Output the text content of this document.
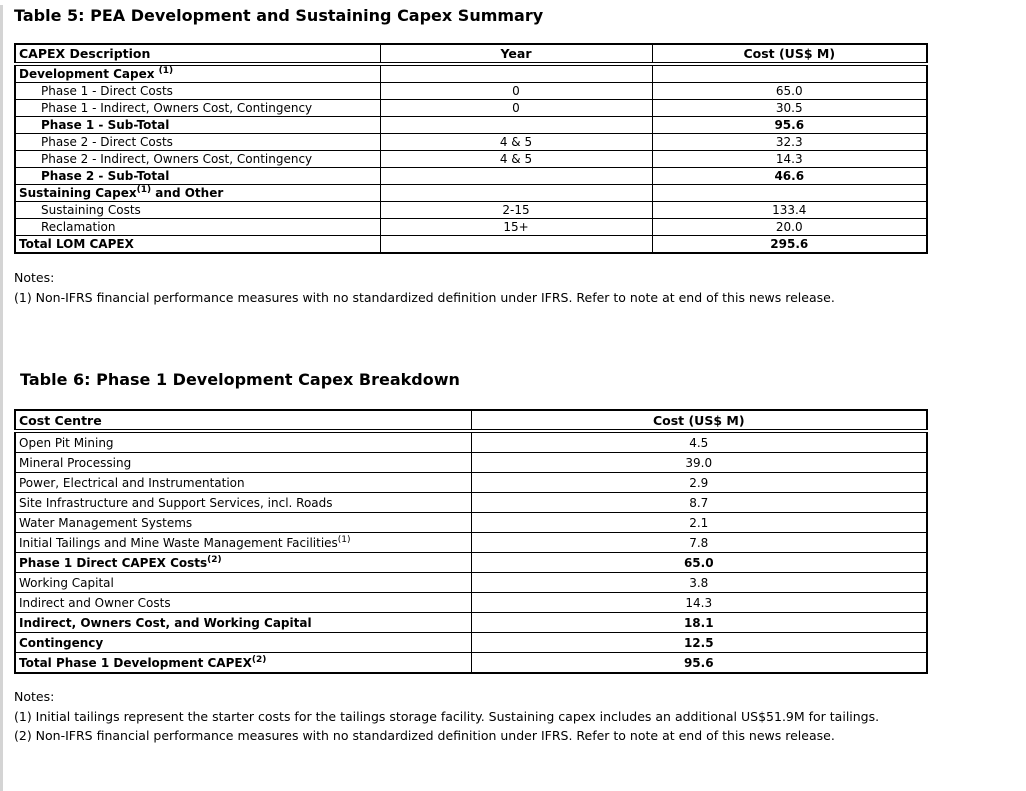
Table 5: PEA Development and Sustaining Capex Summary
CAPEX Description	Year	Cost (US$ M)
Development Capex $^{(1)}$		
Phase 1 - Direct Costs	0	65.0
Phase 1 - Indirect, Owners Cost, Contingency	0	30.5
Phase 1 - Sub-Total		95.6
Phase 2 - Direct Costs	4 & 5	32.3
Phase 2 - Indirect, Owners Cost, Contingency	4 & 5	14.3
Phase 2 - Sub-Total		46.6
Sustaining Capex$^{(1)}$ and Other		
Sustaining Costs	2-15	133.4
Reclamation	15+	20.0
Total LOM CAPEX		295.6
Notes:
(1) Non-IFRS financial performance measures with no standardized definition under IFRS. Refer to note at end of this news release.
Table 6: Phase 1 Development Capex Breakdown
Cost Centre	Cost (US$ M)
Open Pit Mining	4.5
Mineral Processing	39.0
Power, Electrical and Instrumentation	2.9
Site Infrastructure and Support Services, incl. Roads	8.7
Water Management Systems	2.1
Initial Tailings and Mine Waste Management Facilities$^{(1)}$	7.8
Phase 1 Direct CAPEX Costs$^{(2)}$	65.0
Working Capital	3.8
Indirect and Owner Costs	14.3
Indirect, Owners Cost, and Working Capital	18.1
Contingency	12.5
Total Phase 1 Development CAPEX$^{(2)}$	95.6
Notes:
(1) Initial tailings represent the starter costs for the tailings storage facility. Sustaining capex includes an additional US$51.9M for tailings.
(2) Non-IFRS financial performance measures with no standardized definition under IFRS. Refer to note at end of this news release.
